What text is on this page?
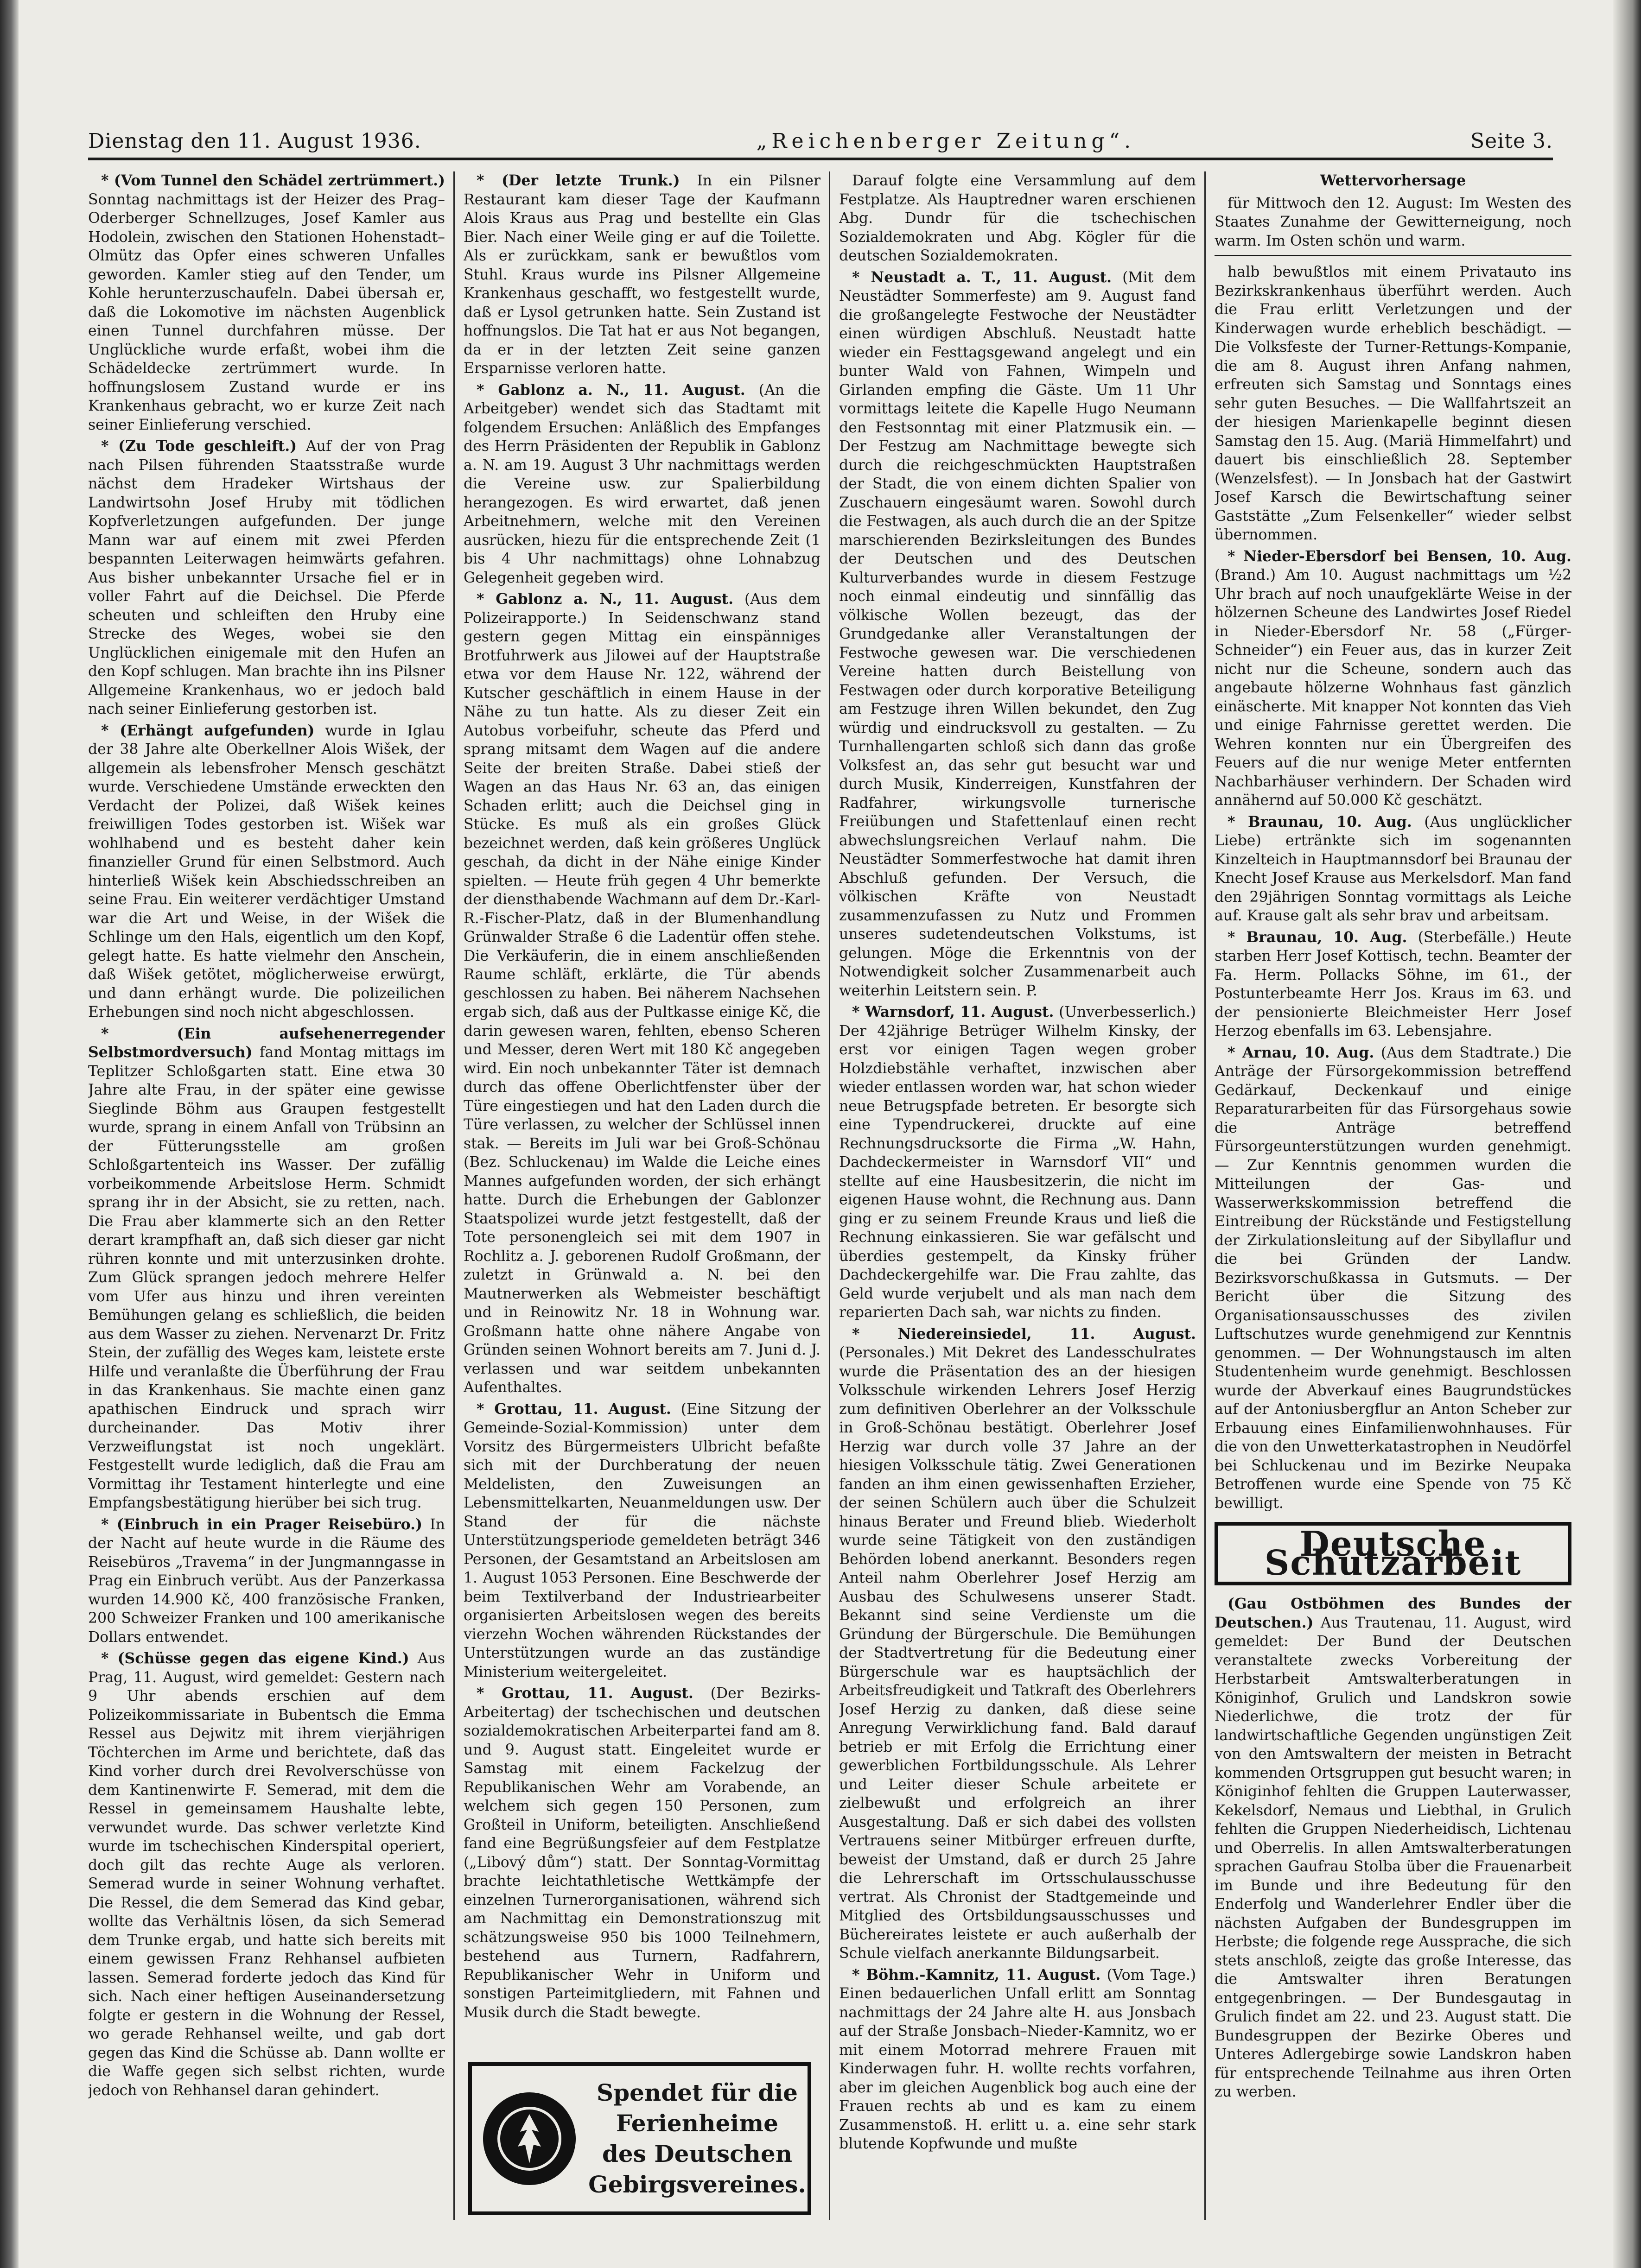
Dienstag den 11. August 1936.	„Reichenberger Zeitung“.	Seite 3.
* (Vom Tunnel den Schädel zertrümmert.) Sonntag nachmittags ist der Heizer des Prag–Oderberger Schnellzuges, Josef Kamler aus Hodolein, zwischen den Stationen Hohenstadt–Olmütz das Opfer eines schweren Unfalles geworden. Kamler stieg auf den Tender, um Kohle herunterzuschaufeln. Dabei übersah er, daß die Lokomotive im nächsten Augenblick einen Tunnel durchfahren müsse. Der Unglückliche wurde erfaßt, wobei ihm die Schädeldecke zertrümmert wurde. In hoffnungslosem Zustand wurde er ins Krankenhaus gebracht, wo er kurze Zeit nach seiner Einlieferung verschied.
* (Zu Tode geschleift.) Auf der von Prag nach Pilsen führenden Staatsstraße wurde nächst dem Hradeker Wirtshaus der Landwirtsohn Josef Hruby mit tödlichen Kopfverletzungen aufgefunden. Der junge Mann war auf einem mit zwei Pferden bespannten Leiterwagen heimwärts gefahren. Aus bisher unbekannter Ursache fiel er in voller Fahrt auf die Deichsel. Die Pferde scheuten und schleiften den Hruby eine Strecke des Weges, wobei sie den Unglücklichen einigemale mit den Hufen an den Kopf schlugen. Man brachte ihn ins Pilsner Allgemeine Krankenhaus, wo er jedoch bald nach seiner Einlieferung gestorben ist.
* (Erhängt aufgefunden) wurde in Iglau der 38 Jahre alte Oberkellner Alois Wišek, der allgemein als lebensfroher Mensch geschätzt wurde. Verschiedene Umstände erweckten den Verdacht der Polizei, daß Wišek keines freiwilligen Todes gestorben ist. Wišek war wohlhabend und es besteht daher kein finanzieller Grund für einen Selbstmord. Auch hinterließ Wišek kein Abschiedsschreiben an seine Frau. Ein weiterer verdächtiger Umstand war die Art und Weise, in der Wišek die Schlinge um den Hals, eigentlich um den Kopf, gelegt hatte. Es hatte vielmehr den Anschein, daß Wišek getötet, möglicherweise erwürgt, und dann erhängt wurde. Die polizeilichen Erhebungen sind noch nicht abgeschlossen.
* (Ein aufsehenerregender Selbstmordversuch) fand Montag mittags im Teplitzer Schloßgarten statt. Eine etwa 30 Jahre alte Frau, in der später eine gewisse Sieglinde Böhm aus Graupen festgestellt wurde, sprang in einem Anfall von Trübsinn an der Fütterungsstelle am großen Schloßgartenteich ins Wasser. Der zufällig vorbeikommende Arbeitslose Herm. Schmidt sprang ihr in der Absicht, sie zu retten, nach. Die Frau aber klammerte sich an den Retter derart krampfhaft an, daß sich dieser gar nicht rühren konnte und mit unterzusinken drohte. Zum Glück sprangen jedoch mehrere Helfer vom Ufer aus hinzu und ihren vereinten Bemühungen gelang es schließlich, die beiden aus dem Wasser zu ziehen. Nervenarzt Dr. Fritz Stein, der zufällig des Weges kam, leistete erste Hilfe und veranlaßte die Überführung der Frau in das Krankenhaus. Sie machte einen ganz apathischen Eindruck und sprach wirr durcheinander. Das Motiv ihrer Verzweiflungstat ist noch ungeklärt. Festgestellt wurde lediglich, daß die Frau am Vormittag ihr Testament hinterlegte und eine Empfangsbestätigung hierüber bei sich trug.
* (Einbruch in ein Prager Reisebüro.) In der Nacht auf heute wurde in die Räume des Reisebüros „Travema“ in der Jungmanngasse in Prag ein Einbruch verübt. Aus der Panzerkassa wurden 14.900 Kč, 400 französische Franken, 200 Schweizer Franken und 100 amerikanische Dollars entwendet.
* (Schüsse gegen das eigene Kind.) Aus Prag, 11. August, wird gemeldet: Gestern nach 9 Uhr abends erschien auf dem Polizeikommissariate in Bubentsch die Emma Ressel aus Dejwitz mit ihrem vierjährigen Töchterchen im Arme und berichtete, daß das Kind vorher durch drei Revolverschüsse von dem Kantinenwirte F. Semerad, mit dem die Ressel in gemeinsamem Haushalte lebte, verwundet wurde. Das schwer verletzte Kind wurde im tschechischen Kinderspital operiert, doch gilt das rechte Auge als verloren. Semerad wurde in seiner Wohnung verhaftet. Die Ressel, die dem Semerad das Kind gebar, wollte das Verhältnis lösen, da sich Semerad dem Trunke ergab, und hatte sich bereits mit einem gewissen Franz Rehhansel aufbieten lassen. Semerad forderte jedoch das Kind für sich. Nach einer heftigen Auseinandersetzung folgte er gestern in die Wohnung der Ressel, wo gerade Rehhansel weilte, und gab dort gegen das Kind die Schüsse ab. Dann wollte er die Waffe gegen sich selbst richten, wurde jedoch von Rehhansel daran gehindert.
* (Der letzte Trunk.) In ein Pilsner Restaurant kam dieser Tage der Kaufmann Alois Kraus aus Prag und bestellte ein Glas Bier. Nach einer Weile ging er auf die Toilette. Als er zurückkam, sank er bewußtlos vom Stuhl. Kraus wurde ins Pilsner Allgemeine Krankenhaus geschafft, wo festgestellt wurde, daß er Lysol getrunken hatte. Sein Zustand ist hoffnungslos. Die Tat hat er aus Not begangen, da er in der letzten Zeit seine ganzen Ersparnisse verloren hatte.
* Gablonz a. N., 11. August. (An die Arbeitgeber) wendet sich das Stadtamt mit folgendem Ersuchen: Anläßlich des Empfanges des Herrn Präsidenten der Republik in Gablonz a. N. am 19. August 3 Uhr nachmittags werden die Vereine usw. zur Spalierbildung herangezogen. Es wird erwartet, daß jenen Arbeitnehmern, welche mit den Vereinen ausrücken, hiezu für die entsprechende Zeit (1 bis 4 Uhr nachmittags) ohne Lohnabzug Gelegenheit gegeben wird.
* Gablonz a. N., 11. August. (Aus dem Polizeirapporte.) In Seidenschwanz stand gestern gegen Mittag ein einspänniges Brotfuhrwerk aus Jilowei auf der Hauptstraße etwa vor dem Hause Nr. 122, während der Kutscher geschäftlich in einem Hause in der Nähe zu tun hatte. Als zu dieser Zeit ein Autobus vorbeifuhr, scheute das Pferd und sprang mitsamt dem Wagen auf die andere Seite der breiten Straße. Dabei stieß der Wagen an das Haus Nr. 63 an, das einigen Schaden erlitt; auch die Deichsel ging in Stücke. Es muß als ein großes Glück bezeichnet werden, daß kein größeres Unglück geschah, da dicht in der Nähe einige Kinder spielten. — Heute früh gegen 4 Uhr bemerkte der diensthabende Wachmann auf dem Dr.-Karl-R.-Fischer-Platz, daß in der Blumenhandlung Grünwalder Straße 6 die Ladentür offen stehe. Die Verkäuferin, die in einem anschließenden Raume schläft, erklärte, die Tür abends geschlossen zu haben. Bei näherem Nachsehen ergab sich, daß aus der Pultkasse einige Kč, die darin gewesen waren, fehlten, ebenso Scheren und Messer, deren Wert mit 180 Kč angegeben wird. Ein noch unbekannter Täter ist demnach durch das offene Oberlichtfenster über der Türe eingestiegen und hat den Laden durch die Türe verlassen, zu welcher der Schlüssel innen stak. — Bereits im Juli war bei Groß-Schönau (Bez. Schluckenau) im Walde die Leiche eines Mannes aufgefunden worden, der sich erhängt hatte. Durch die Erhebungen der Gablonzer Staatspolizei wurde jetzt festgestellt, daß der Tote personengleich sei mit dem 1907 in Rochlitz a. J. geborenen Rudolf Großmann, der zuletzt in Grünwald a. N. bei den Mautnerwerken als Webmeister beschäftigt und in Reinowitz Nr. 18 in Wohnung war. Großmann hatte ohne nähere Angabe von Gründen seinen Wohnort bereits am 7. Juni d. J. verlassen und war seitdem unbekannten Aufenthaltes.
* Grottau, 11. August. (Eine Sitzung der Gemeinde-Sozial-Kommission) unter dem Vorsitz des Bürgermeisters Ulbricht befaßte sich mit der Durchberatung der neuen Meldelisten, den Zuweisungen an Lebensmittelkarten, Neuanmeldungen usw. Der Stand der für die nächste Unterstützungsperiode gemeldeten beträgt 346 Personen, der Gesamtstand an Arbeitslosen am 1. August 1053 Personen. Eine Beschwerde der beim Textilverband der Industriearbeiter organisierten Arbeitslosen wegen des bereits vierzehn Wochen währenden Rückstandes der Unterstützungen wurde an das zuständige Ministerium weitergeleitet.
* Grottau, 11. August. (Der Bezirks-Arbeitertag) der tschechischen und deutschen sozialdemokratischen Arbeiterpartei fand am 8. und 9. August statt. Eingeleitet wurde er Samstag mit einem Fackelzug der Republikanischen Wehr am Vorabende, an welchem sich gegen 150 Personen, zum Großteil in Uniform, beteiligten. Anschließend fand eine Begrüßungsfeier auf dem Festplatze („Libový dům“) statt. Der Sonntag-Vormittag brachte leichtathletische Wettkämpfe der einzelnen Turnerorganisationen, während sich am Nachmittag ein Demonstrationszug mit schätzungsweise 950 bis 1000 Teilnehmern, bestehend aus Turnern, Radfahrern, Republikanischer Wehr in Uniform und sonstigen Parteimitgliedern, mit Fahnen und Musik durch die Stadt bewegte.
Darauf folgte eine Versammlung auf dem Festplatze. Als Hauptredner waren erschienen Abg. Dundr für die tschechischen Sozialdemokraten und Abg. Kögler für die deutschen Sozialdemokraten.
* Neustadt a. T., 11. August. (Mit dem Neustädter Sommerfeste) am 9. August fand die großangelegte Festwoche der Neustädter einen würdigen Abschluß. Neustadt hatte wieder ein Festtagsgewand angelegt und ein bunter Wald von Fahnen, Wimpeln und Girlanden empfing die Gäste. Um 11 Uhr vormittags leitete die Kapelle Hugo Neumann den Festsonntag mit einer Platzmusik ein. — Der Festzug am Nachmittage bewegte sich durch die reichgeschmückten Hauptstraßen der Stadt, die von einem dichten Spalier von Zuschauern eingesäumt waren. Sowohl durch die Festwagen, als auch durch die an der Spitze marschierenden Bezirksleitungen des Bundes der Deutschen und des Deutschen Kulturverbandes wurde in diesem Festzuge noch einmal eindeutig und sinnfällig das völkische Wollen bezeugt, das der Grundgedanke aller Veranstaltungen der Festwoche gewesen war. Die verschiedenen Vereine hatten durch Beistellung von Festwagen oder durch korporative Beteiligung am Festzuge ihren Willen bekundet, den Zug würdig und eindrucksvoll zu gestalten. — Zu Turnhallengarten schloß sich dann das große Volksfest an, das sehr gut besucht war und durch Musik, Kinderreigen, Kunstfahren der Radfahrer, wirkungsvolle turnerische Freiübungen und Stafettenlauf einen recht abwechslungsreichen Verlauf nahm. Die Neustädter Sommerfestwoche hat damit ihren Abschluß gefunden. Der Versuch, die völkischen Kräfte von Neustadt zusammenzufassen zu Nutz und Frommen unseres sudetendeutschen Volkstums, ist gelungen. Möge die Erkenntnis von der Notwendigkeit solcher Zusammenarbeit auch weiterhin Leitstern sein. P.
* Warnsdorf, 11. August. (Unverbesserlich.) Der 42jährige Betrüger Wilhelm Kinsky, der erst vor einigen Tagen wegen grober Holzdiebstähle verhaftet, inzwischen aber wieder entlassen worden war, hat schon wieder neue Betrugspfade betreten. Er besorgte sich eine Typendruckerei, druckte auf eine Rechnungsdrucksorte die Firma „W. Hahn, Dachdeckermeister in Warnsdorf VII“ und stellte auf eine Hausbesitzerin, die nicht im eigenen Hause wohnt, die Rechnung aus. Dann ging er zu seinem Freunde Kraus und ließ die Rechnung einkassieren. Sie war gefälscht und überdies gestempelt, da Kinsky früher Dachdeckergehilfe war. Die Frau zahlte, das Geld wurde verjubelt und als man nach dem reparierten Dach sah, war nichts zu finden.
* Niedereinsiedel, 11. August. (Personales.) Mit Dekret des Landesschulrates wurde die Präsentation des an der hiesigen Volksschule wirkenden Lehrers Josef Herzig zum definitiven Oberlehrer an der Volksschule in Groß-Schönau bestätigt. Oberlehrer Josef Herzig war durch volle 37 Jahre an der hiesigen Volksschule tätig. Zwei Generationen fanden an ihm einen gewissenhaften Erzieher, der seinen Schülern auch über die Schulzeit hinaus Berater und Freund blieb. Wiederholt wurde seine Tätigkeit von den zuständigen Behörden lobend anerkannt. Besonders regen Anteil nahm Oberlehrer Josef Herzig am Ausbau des Schulwesens unserer Stadt. Bekannt sind seine Verdienste um die Gründung der Bürgerschule. Die Bemühungen der Stadtvertretung für die Bedeutung einer Bürgerschule war es hauptsächlich der Arbeitsfreudigkeit und Tatkraft des Oberlehrers Josef Herzig zu danken, daß diese seine Anregung Verwirklichung fand. Bald darauf betrieb er mit Erfolg die Errichtung einer gewerblichen Fortbildungsschule. Als Lehrer und Leiter dieser Schule arbeitete er zielbewußt und erfolgreich an ihrer Ausgestaltung. Daß er sich dabei des vollsten Vertrauens seiner Mitbürger erfreuen durfte, beweist der Umstand, daß er durch 25 Jahre die Lehrerschaft im Ortsschulausschusse vertrat. Als Chronist der Stadtgemeinde und Mitglied des Ortsbildungsausschusses und Büchereirates leistete er auch außerhalb der Schule vielfach anerkannte Bildungsarbeit.
* Böhm.-Kamnitz, 11. August. (Vom Tage.) Einen bedauerlichen Unfall erlitt am Sonntag nachmittags der 24 Jahre alte H. aus Jonsbach auf der Straße Jonsbach–Nieder-Kamnitz, wo er mit einem Motorrad mehrere Frauen mit Kinderwagen fuhr. H. wollte rechts vorfahren, aber im gleichen Augenblick bog auch eine der Frauen rechts ab und es kam zu einem Zusammenstoß. H. erlitt u. a. eine sehr stark blutende Kopfwunde und mußte
Wettervorhersage
für Mittwoch den 12. August: Im Westen des Staates Zunahme der Gewitterneigung, noch warm. Im Osten schön und warm.
halb bewußtlos mit einem Privatauto ins Bezirkskrankenhaus überführt werden. Auch die Frau erlitt Verletzungen und der Kinderwagen wurde erheblich beschädigt. — Die Volksfeste der Turner-Rettungs-Kompanie, die am 8. August ihren Anfang nahmen, erfreuten sich Samstag und Sonntags eines sehr guten Besuches. — Die Wallfahrtszeit an der hiesigen Marienkapelle beginnt diesen Samstag den 15. Aug. (Mariä Himmelfahrt) und dauert bis einschließlich 28. September (Wenzelsfest). — In Jonsbach hat der Gastwirt Josef Karsch die Bewirtschaftung seiner Gaststätte „Zum Felsenkeller“ wieder selbst übernommen.
* Nieder-Ebersdorf bei Bensen, 10. Aug. (Brand.) Am 10. August nachmittags um ½2 Uhr brach auf noch unaufgeklärte Weise in der hölzernen Scheune des Landwirtes Josef Riedel in Nieder-Ebersdorf Nr. 58 („Fürger-Schneider“) ein Feuer aus, das in kurzer Zeit nicht nur die Scheune, sondern auch das angebaute hölzerne Wohnhaus fast gänzlich einäscherte. Mit knapper Not konnten das Vieh und einige Fahrnisse gerettet werden. Die Wehren konnten nur ein Übergreifen des Feuers auf die nur wenige Meter entfernten Nachbarhäuser verhindern. Der Schaden wird annähernd auf 50.000 Kč geschätzt.
* Braunau, 10. Aug. (Aus unglücklicher Liebe) ertränkte sich im sogenannten Kinzelteich in Hauptmannsdorf bei Braunau der Knecht Josef Krause aus Merkelsdorf. Man fand den 29jährigen Sonntag vormittags als Leiche auf. Krause galt als sehr brav und arbeitsam.
* Braunau, 10. Aug. (Sterbefälle.) Heute starben Herr Josef Kottisch, techn. Beamter der Fa. Herm. Pollacks Söhne, im 61., der Postunterbeamte Herr Jos. Kraus im 63. und der pensionierte Bleichmeister Herr Josef Herzog ebenfalls im 63. Lebensjahre.
* Arnau, 10. Aug. (Aus dem Stadtrate.) Die Anträge der Fürsorgekommission betreffend Gedärkauf, Deckenkauf und einige Reparaturarbeiten für das Fürsorgehaus sowie die Anträge betreffend Fürsorgeunterstützungen wurden genehmigt. — Zur Kenntnis genommen wurden die Mitteilungen der Gas- und Wasserwerkskommission betreffend die Eintreibung der Rückstände und Festigstellung der Zirkulationsleitung auf der Sibyllaflur und die bei Gründen der Landw. Bezirksvorschußkassa in Gutsmuts. — Der Bericht über die Sitzung des Organisationsausschusses des zivilen Luftschutzes wurde genehmigend zur Kenntnis genommen. — Der Wohnungstausch im alten Studentenheim wurde genehmigt. Beschlossen wurde der Abverkauf eines Baugrundstückes auf der Antoniusbergflur an Anton Scheber zur Erbauung eines Einfamilienwohnhauses. Für die von den Unwetterkatastrophen in Neudörfel bei Schluckenau und im Bezirke Neupaka Betroffenen wurde eine Spende von 75 Kč bewilligt.
Deutsche Schutzarbeit
(Gau Ostböhmen des Bundes der Deutschen.) Aus Trautenau, 11. August, wird gemeldet: Der Bund der Deutschen veranstaltete zwecks Vorbereitung der Herbstarbeit Amtswalterberatungen in Königinhof, Grulich und Landskron sowie Niederlichwe, die trotz der für landwirtschaftliche Gegenden ungünstigen Zeit von den Amtswaltern der meisten in Betracht kommenden Ortsgruppen gut besucht waren; in Königinhof fehlten die Gruppen Lauterwasser, Kekelsdorf, Nemaus und Liebthal, in Grulich fehlten die Gruppen Niederheidisch, Lichtenau und Oberrelis. In allen Amtswalterberatungen sprachen Gaufrau Stolba über die Frauenarbeit im Bunde und ihre Bedeutung für den Enderfolg und Wanderlehrer Endler über die nächsten Aufgaben der Bundesgruppen im Herbste; die folgende rege Aussprache, die sich stets anschloß, zeigte das große Interesse, das die Amtswalter ihren Beratungen entgegenbringen. — Der Bundesgautag in Grulich findet am 22. und 23. August statt. Die Bundesgruppen der Bezirke Oberes und Unteres Adlergebirge sowie Landskron haben für entsprechende Teilnahme aus ihren Orten zu werben.
Spendet für die
Ferienheime
des Deutschen
Gebirgsvereines.
